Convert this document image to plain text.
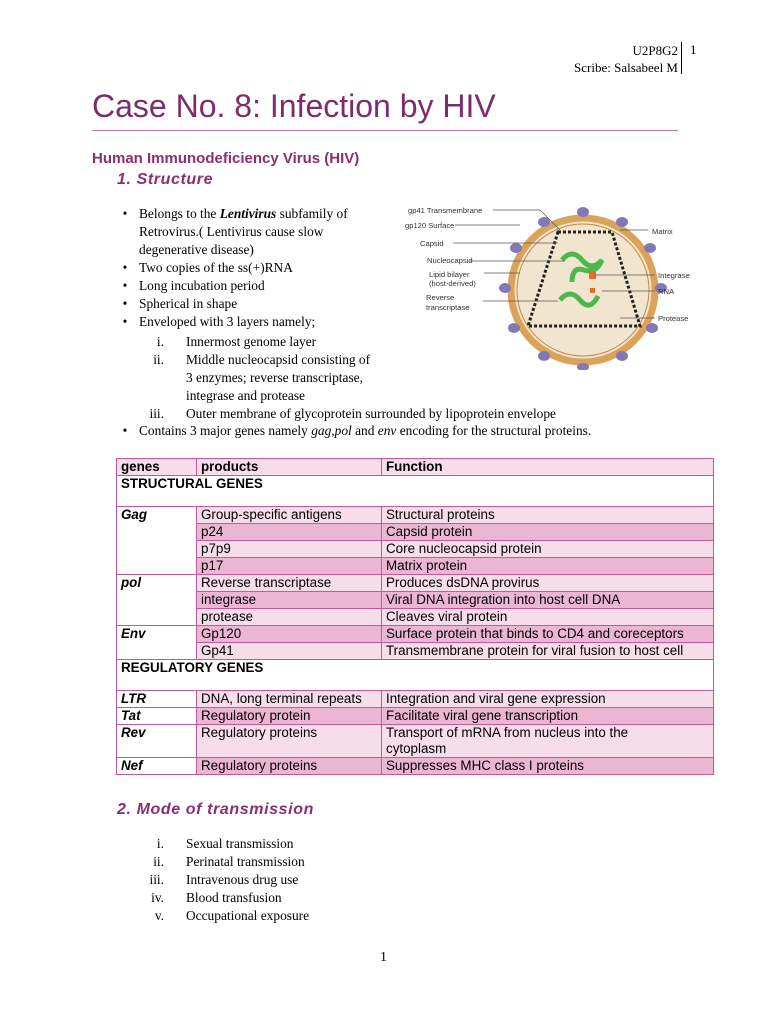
U2P8G2
Scribe: Salsabeel M
1
Case No. 8: Infection by HIV
Human Immunodeficiency Virus (HIV)
1. Structure
• Belongs to the Lentivirus subfamily of
Retrovirus.( Lentivirus cause slow
degenerative disease)
• Two copies of the ss(+)RNA
• Long incubation period
• Spherical in shape
• Enveloped with 3 layers namely;
i. Innermost genome layer
ii. Middle nucleocapsid consisting of
3 enzymes; reverse transcriptase,
integrase and protease
iii. Outer membrane of glycoprotein surrounded by lipoprotein envelope
• Contains 3 major genes namely gag,pol and env encoding for the structural proteins.
gp41 Transmembrane
gp120 Surface
Capsid
Nucleocapsid
Lipid bilayer
(host-derived)
Reverse
transcriptase
Matrix
Integrase
RNA
Protease
genes	products	Function
STRUCTURAL GENES		
Gag	Group-specific antigens	Structural proteins
	p24	Capsid protein
	p7p9	Core nucleocapsid protein
	p17	Matrix protein
pol	Reverse transcriptase	Produces dsDNA provirus
	integrase	Viral DNA integration into host cell DNA
	protease	Cleaves viral protein
Env	Gp120	Surface protein that binds to CD4 and coreceptors
	Gp41	Transmembrane protein for viral fusion to host cell
REGULATORY GENES		
LTR	DNA, long terminal repeats	Integration and viral gene expression
Tat	Regulatory protein	Facilitate viral gene transcription
Rev	Regulatory proteins	Transport of mRNA from nucleus into the
cytoplasm

Nef	Regulatory proteins	Suppresses MHC class I proteins
2. Mode of transmission
i. Sexual transmission
ii. Perinatal transmission
iii. Intravenous drug use
iv. Blood transfusion
v. Occupational exposure
1
